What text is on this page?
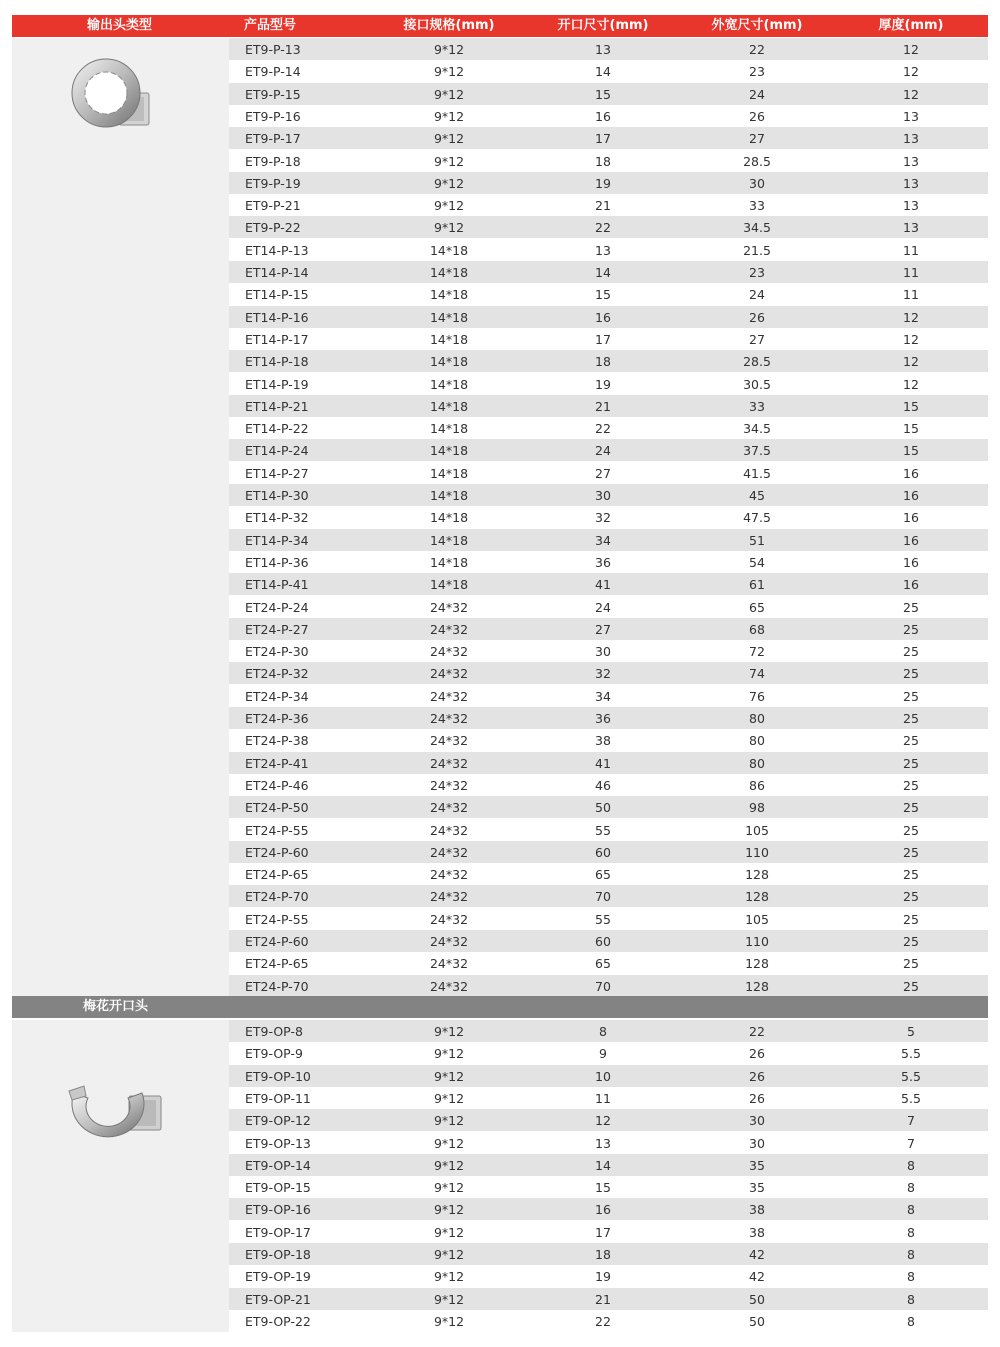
输出头类型	产品型号	接口规格(mm)	开口尺寸(mm)	外宽尺寸(mm)	厚度(mm)
ET9-P-13	9*12	13	22	12
ET9-P-14	9*12	14	23	12
ET9-P-15	9*12	15	24	12
ET9-P-16	9*12	16	26	13
ET9-P-17	9*12	17	27	13
ET9-P-18	9*12	18	28.5	13
ET9-P-19	9*12	19	30	13
ET9-P-21	9*12	21	33	13
ET9-P-22	9*12	22	34.5	13
ET14-P-13	14*18	13	21.5	11
ET14-P-14	14*18	14	23	11
ET14-P-15	14*18	15	24	11
ET14-P-16	14*18	16	26	12
ET14-P-17	14*18	17	27	12
ET14-P-18	14*18	18	28.5	12
ET14-P-19	14*18	19	30.5	12
ET14-P-21	14*18	21	33	15
ET14-P-22	14*18	22	34.5	15
ET14-P-24	14*18	24	37.5	15
ET14-P-27	14*18	27	41.5	16
ET14-P-30	14*18	30	45	16
ET14-P-32	14*18	32	47.5	16
ET14-P-34	14*18	34	51	16
ET14-P-36	14*18	36	54	16
ET14-P-41	14*18	41	61	16
ET24-P-24	24*32	24	65	25
ET24-P-27	24*32	27	68	25
ET24-P-30	24*32	30	72	25
ET24-P-32	24*32	32	74	25
ET24-P-34	24*32	34	76	25
ET24-P-36	24*32	36	80	25
ET24-P-38	24*32	38	80	25
ET24-P-41	24*32	41	80	25
ET24-P-46	24*32	46	86	25
ET24-P-50	24*32	50	98	25
ET24-P-55	24*32	55	105	25
ET24-P-60	24*32	60	110	25
ET24-P-65	24*32	65	128	25
ET24-P-70	24*32	70	128	25
ET24-P-55	24*32	55	105	25
ET24-P-60	24*32	60	110	25
ET24-P-65	24*32	65	128	25
ET24-P-70	24*32	70	128	25
梅花开口头
ET9-OP-8	9*12	8	22	5
ET9-OP-9	9*12	9	26	5.5
ET9-OP-10	9*12	10	26	5.5
ET9-OP-11	9*12	11	26	5.5
ET9-OP-12	9*12	12	30	7
ET9-OP-13	9*12	13	30	7
ET9-OP-14	9*12	14	35	8
ET9-OP-15	9*12	15	35	8
ET9-OP-16	9*12	16	38	8
ET9-OP-17	9*12	17	38	8
ET9-OP-18	9*12	18	42	8
ET9-OP-19	9*12	19	42	8
ET9-OP-21	9*12	21	50	8
ET9-OP-22	9*12	22	50	8
